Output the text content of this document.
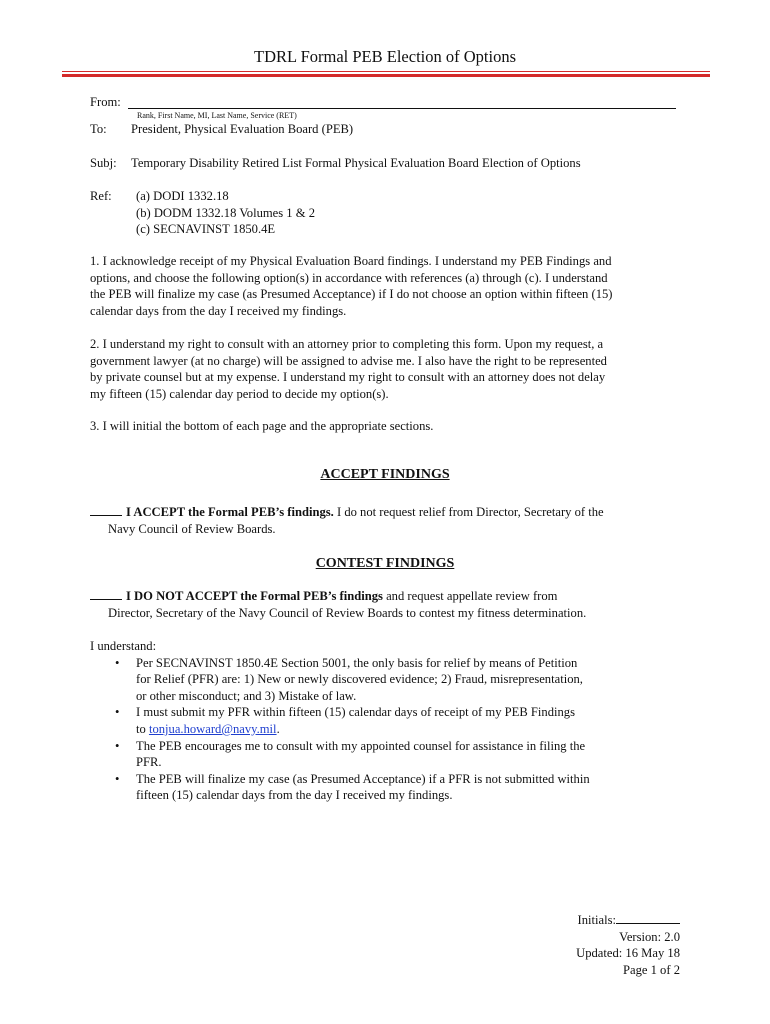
TDRL Formal PEB Election of Options
From:
Rank, First Name, MI, Last Name, Service (RET)
To: President, Physical Evaluation Board (PEB)
Subj: Temporary Disability Retired List Formal Physical Evaluation Board Election of Options
Ref: (a) DODI 1332.18
(b) DODM 1332.18 Volumes 1 & 2
(c) SECNAVINST 1850.4E
1. I acknowledge receipt of my Physical Evaluation Board findings. I understand my PEB Findings and
options, and choose the following option(s) in accordance with references (a) through (c). I understand
the PEB will finalize my case (as Presumed Acceptance) if I do not choose an option within fifteen (15)
calendar days from the day I received my findings.
2. I understand my right to consult with an attorney prior to completing this form. Upon my request, a
government lawyer (at no charge) will be assigned to advise me. I also have the right to be represented
by private counsel but at my expense. I understand my right to consult with an attorney does not delay
my fifteen (15) calendar day period to decide my option(s).
3. I will initial the bottom of each page and the appropriate sections.
ACCEPT FINDINGS
I ACCEPT the Formal PEB’s findings. I do not request relief from Director, Secretary of the
Navy Council of Review Boards.
CONTEST FINDINGS
I DO NOT ACCEPT the Formal PEB’s findings and request appellate review from
Director, Secretary of the Navy Council of Review Boards to contest my fitness determination.
I understand:
• Per SECNAVINST 1850.4E Section 5001, the only basis for relief by means of Petition
for Relief (PFR) are: 1) New or newly discovered evidence; 2) Fraud, misrepresentation,
or other misconduct; and 3) Mistake of law.
• I must submit my PFR within fifteen (15) calendar days of receipt of my PEB Findings
to tonjua.howard@navy.mil.
• The PEB encourages me to consult with my appointed counsel for assistance in filing the
PFR.
• The PEB will finalize my case (as Presumed Acceptance) if a PFR is not submitted within
fifteen (15) calendar days from the day I received my findings.
Initials:
Version: 2.0
Updated: 16 May 18
Page 1 of 2
